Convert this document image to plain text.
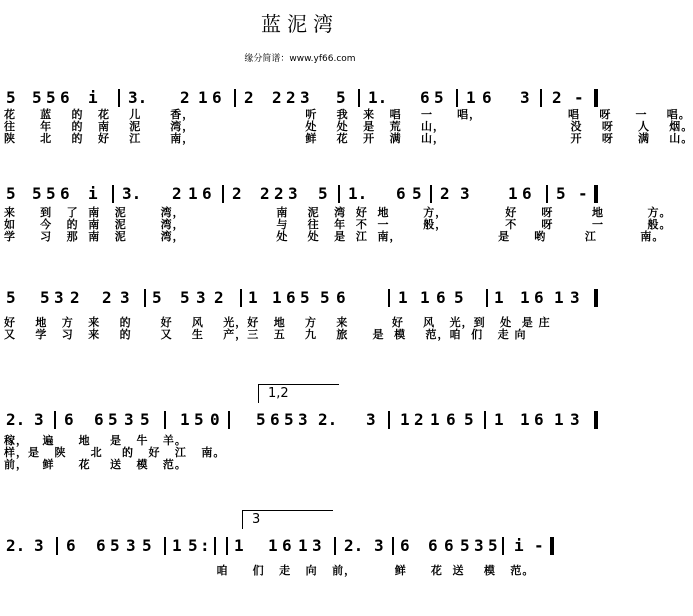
蓝泥湾
缘分简谱：www.yf66.com
5 5 5 6 i 3. 2 1 6 2 2 2 3 5 1. 6 5 1 6 3 2 -
花     蓝    的   花    儿      香，                       听    我   来   唱    一     唱，                  唱    呀     一    唱。
往     年    的   南    泥      湾，                       处    处   是   荒    山，                          没    呀     人    烟。
陕     北    的   好    江      南，                       鲜    花   开   满    山，                          开    呀     满    山。
5 5 5 6 i 3. 2 1 6 2 2 2 3 5 1. 6 5 2 3 1 6 5 -
来     到   了  南   泥       湾，                   南    泥   湾  好  地       方，            好     呀        地         方。
如     今   的  南   泥       湾，                   与    往   年  不  一       般，            不     呀        一         般。
学     习   那  南   泥       湾，                   处    处   是  江  南，                    是     哟        江         南。
5 5 3 2 2 3 5 5 3 2 1 1 6 5 5 6	1 1 6 5 1 1 6 1 3
好    地   方   来    的      好    风    光，好   地    方    来         好    风   光，到   处  是 庄
又    学   习   来    的      又    生    产，三   五    九    旅     是  模    范，咱  们   走 向
2. 3 6 6 5 3 5 1 5 0 5 6 5 3 2. 3 1 2 1 6 5 1 1 6 1 3
1,2
稼，   遍     地    是   牛   羊。
样，是   陕     北    的   好   江   南。
前，   鲜     花    送   模   范。
2. 3 6 6 5 3 5 1 5 : 1 1 6 1 3 2. 3 6 6 6 5 3 5 i -
3
咱     们   走   向   前，        鲜     花  送    模   范。
